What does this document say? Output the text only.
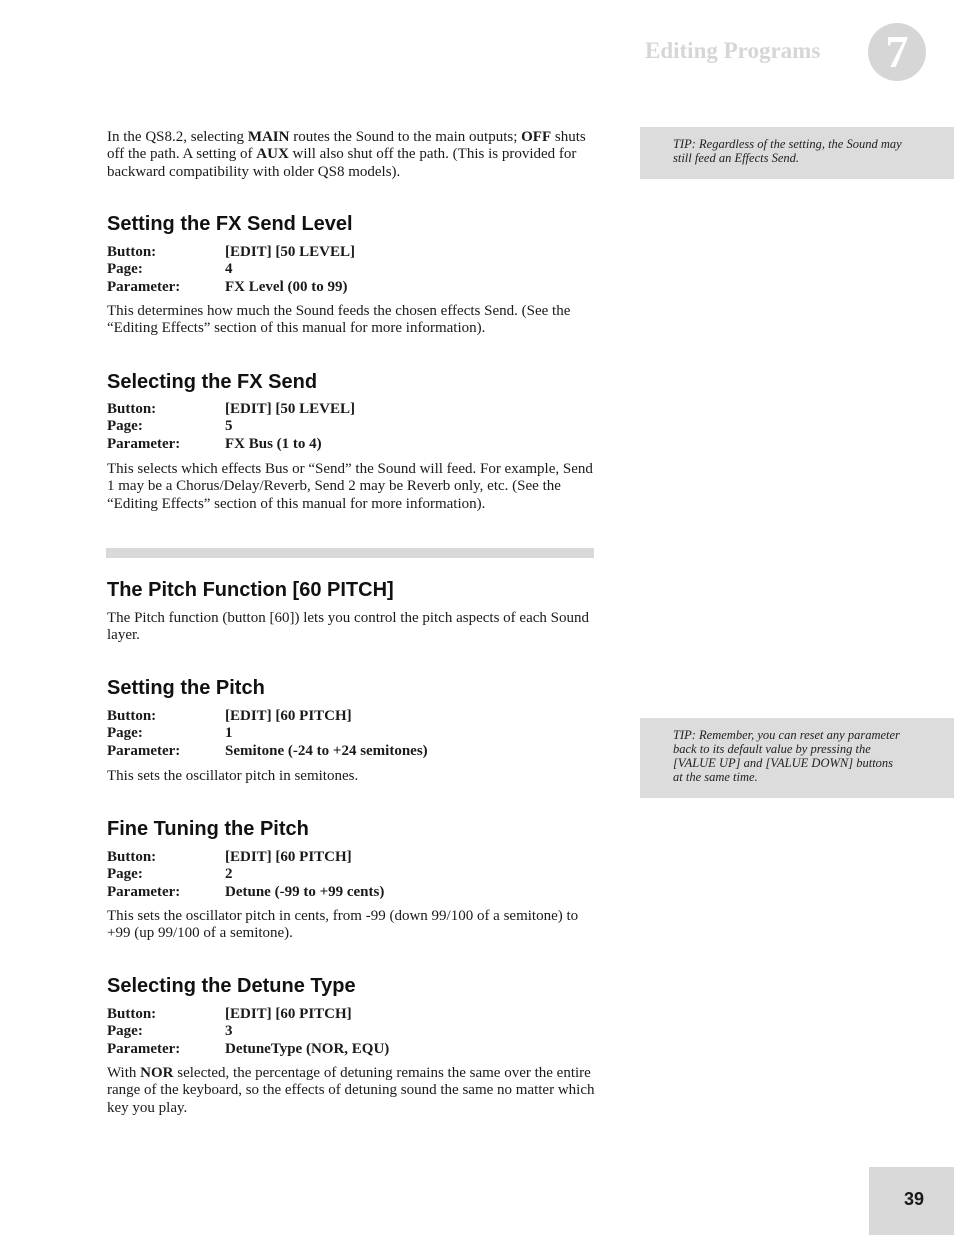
Editing Programs	7

In the QS8.2, selecting MAIN routes the Sound to the main outputs; OFF shuts off the path. A setting of AUX will also shut off the path. (This is provided for backward compatibility with older QS8 models).

Setting the FX Send Level
Button:	[EDIT] [50 LEVEL]
Page:	4
Parameter:	FX Level (00 to 99)

This determines how much the Sound feeds the chosen effects Send. (See the “Editing Effects” section of this manual for more information).

Selecting the FX Send
Button:	[EDIT] [50 LEVEL]
Page:	5
Parameter:	FX Bus (1 to 4)

This selects which effects Bus or “Send” the Sound will feed. For example, Send 1 may be a Chorus/Delay/Reverb, Send 2 may be Reverb only, etc. (See the “Editing Effects” section of this manual for more information).

The Pitch Function [60 PITCH]

The Pitch function (button [60]) lets you control the pitch aspects of each Sound layer.

Setting the Pitch
Button:	[EDIT] [60 PITCH]
Page:	1
Parameter:	Semitone (-24 to +24 semitones)

This sets the oscillator pitch in semitones.

Fine Tuning the Pitch
Button:	[EDIT] [60 PITCH]
Page:	2
Parameter:	Detune (-99 to +99 cents)

This sets the oscillator pitch in cents, from -99 (down 99/100 of a semitone) to +99 (up 99/100 of a semitone).

Selecting the Detune Type
Button:	[EDIT] [60 PITCH]
Page:	3
Parameter:	DetuneType (NOR, EQU)

With NOR selected, the percentage of detuning remains the same over the entire range of the keyboard, so the effects of detuning sound the same no matter which key you play.

TIP: Regardless of the setting, the Sound may still feed an Effects Send.
TIP: Remember, you can reset any parameter back to its default value by pressing the [VALUE UP] and [VALUE DOWN] buttons at the same time.
39
